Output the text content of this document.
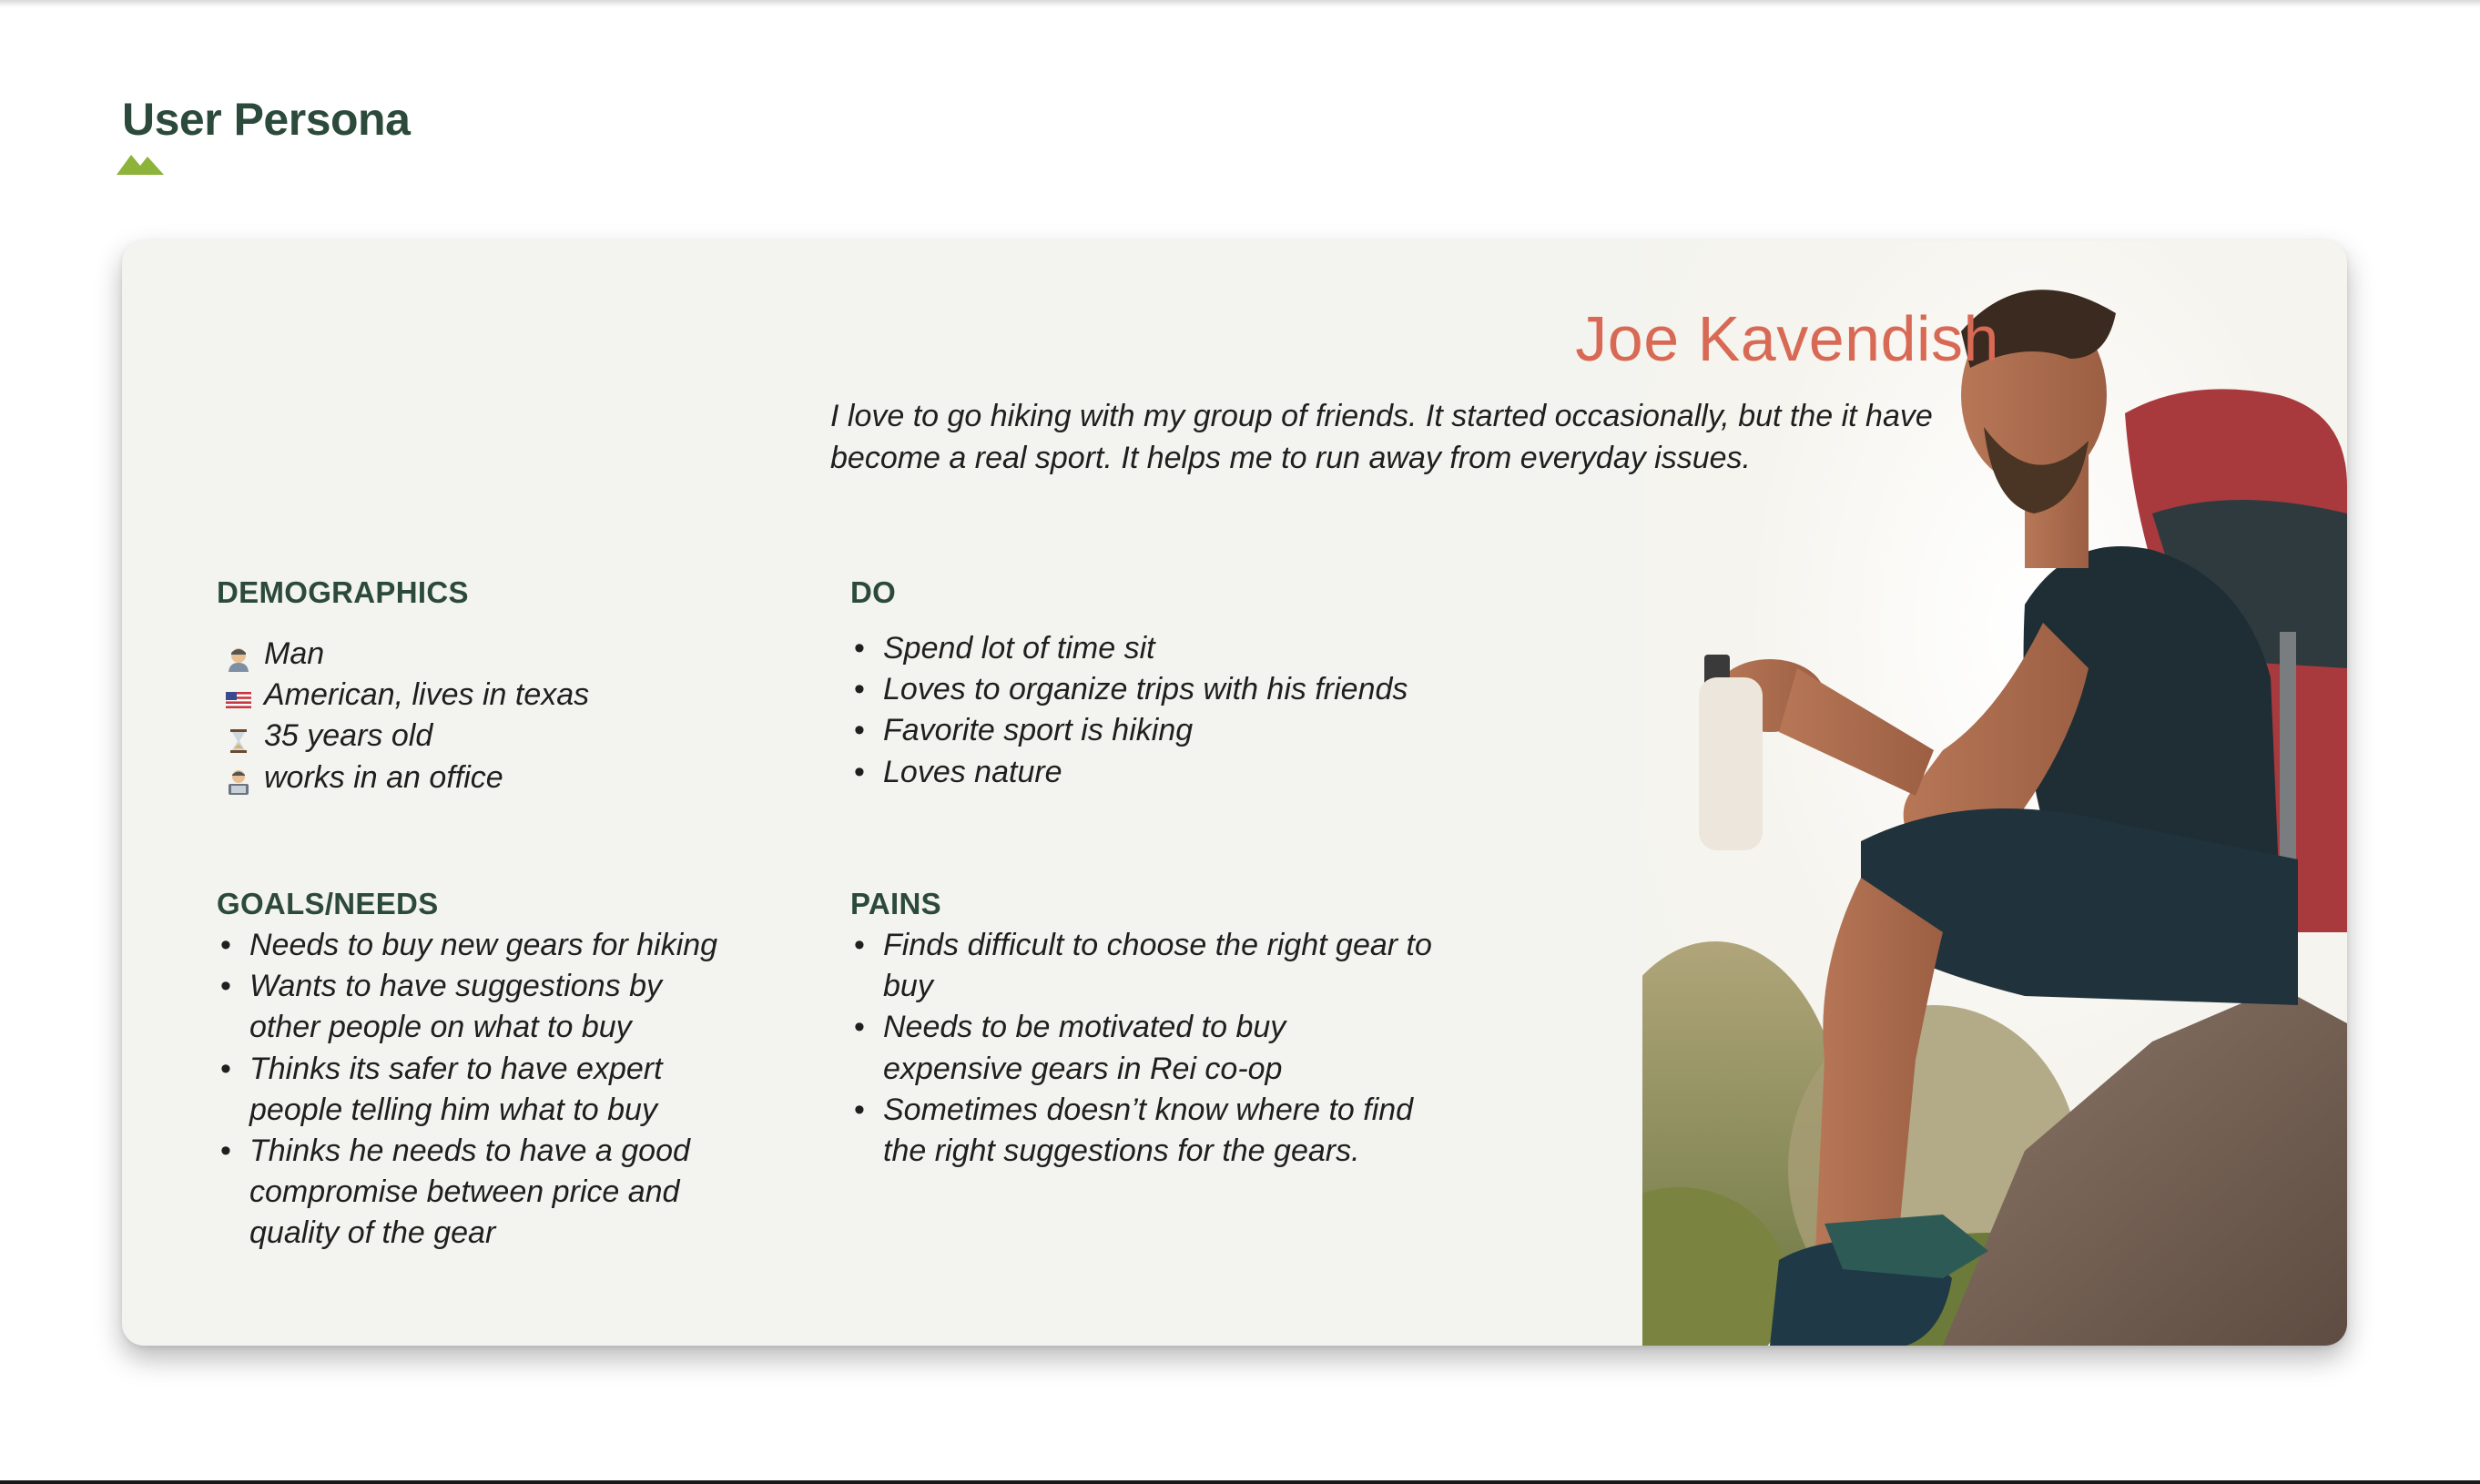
User Persona
Joe Kavendish

I love to go hiking with my group of friends. It started occasionally, but the it have become a real sport. It helps me to run away from everyday issues.

DEMOGRAPHICS
Man
American, lives in texas
35 years old
works in an office
DO
• Spend lot of time sit
• Loves to organize trips with his friends
• Favorite sport is hiking
• Loves nature
GOALS/NEEDS
• Needs to buy new gears for hiking
• Wants to have suggestions by other people on what to buy
• Thinks its safer to have expert people telling him what to buy
• Thinks he needs to have a good compromise between price and quality of the gear
PAINS
• Finds difficult to choose the right gear to buy
• Needs to be motivated to buy expensive gears in Rei co-op
• Sometimes doesn’t know where to find the right suggestions for the gears.
